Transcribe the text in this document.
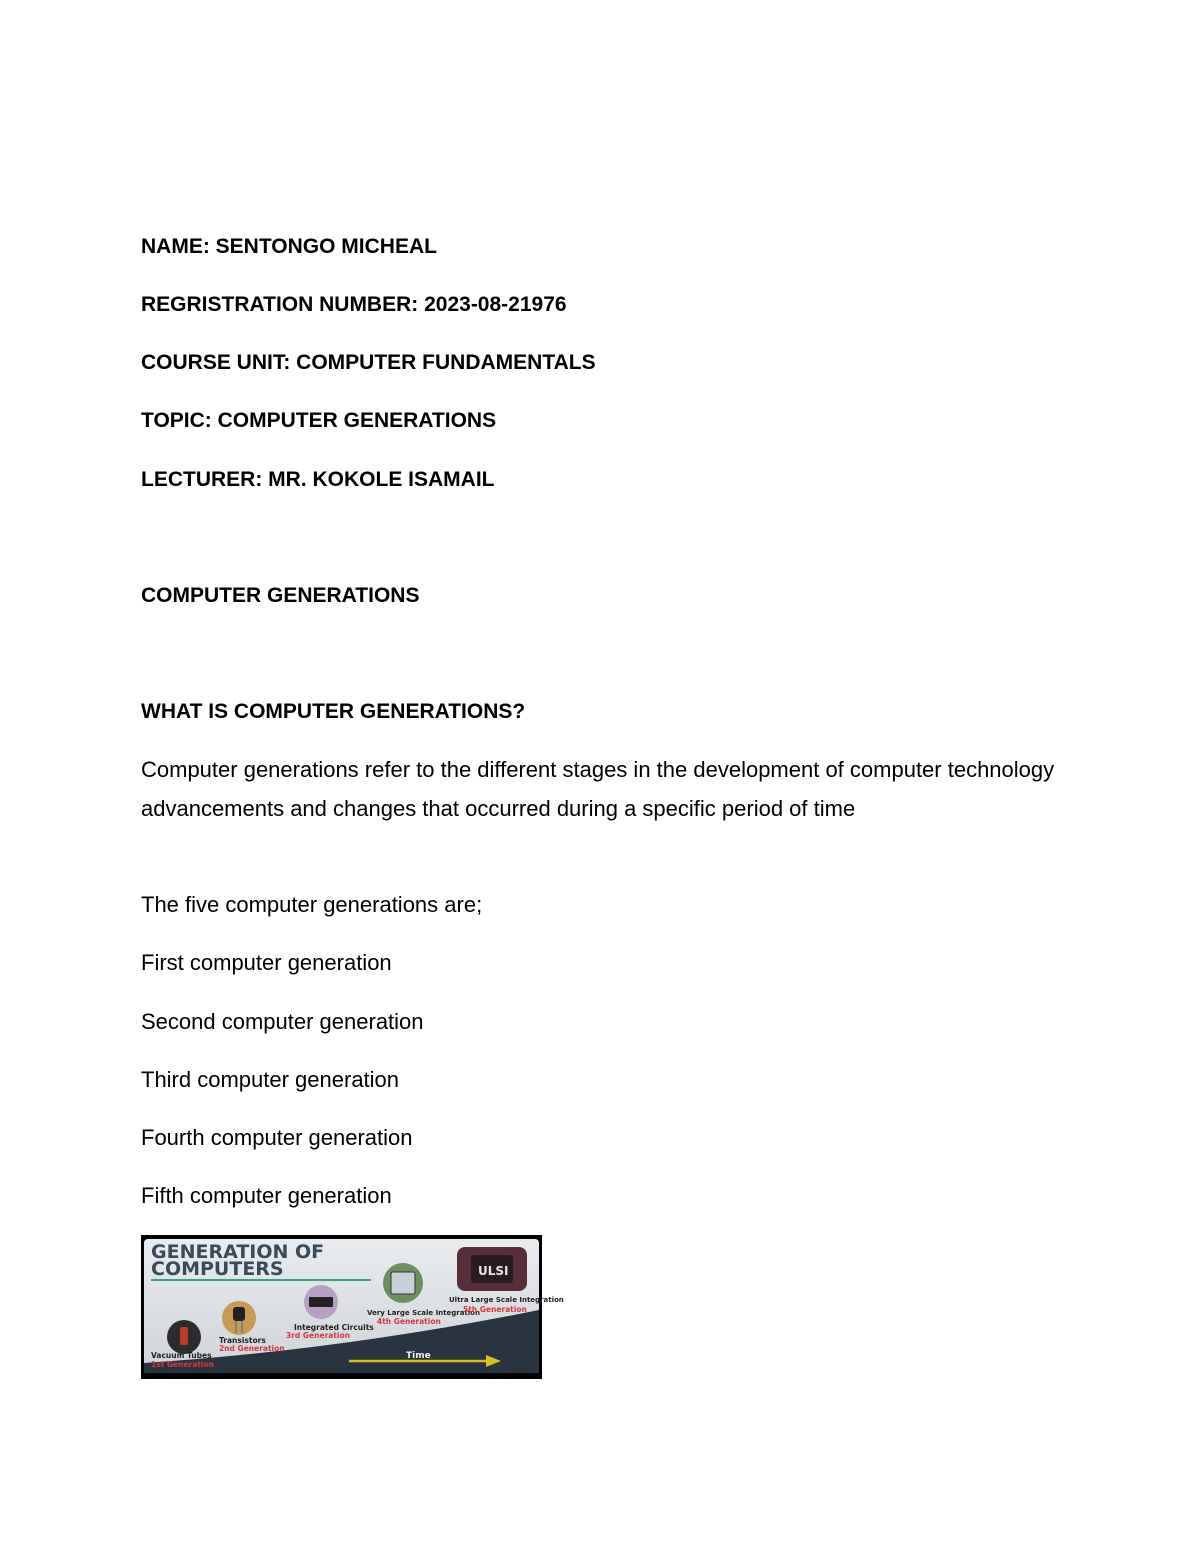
NAME: SENTONGO MICHEAL
REGRISTRATION NUMBER: 2023-08-21976
COURSE UNIT: COMPUTER FUNDAMENTALS
TOPIC: COMPUTER GENERATIONS
LECTURER: MR. KOKOLE ISAMAIL
COMPUTER GENERATIONS
WHAT IS COMPUTER GENERATIONS?
Computer generations refer to the different stages in the development of computer technology advancements and changes that occurred during a specific period of time
The five computer generations are;
First computer generation
Second computer generation
Third computer generation
Fourth computer generation
Fifth computer generation
GENERATION OF
COMPUTERS
Vacuum Tubes
1st Generation
Transistors
2nd Generation
Integrated Circuits
3rd Generation
Very Large Scale Integration
4th Generation
ULSI
Ultra Large Scale Integration
5th Generation
Time
